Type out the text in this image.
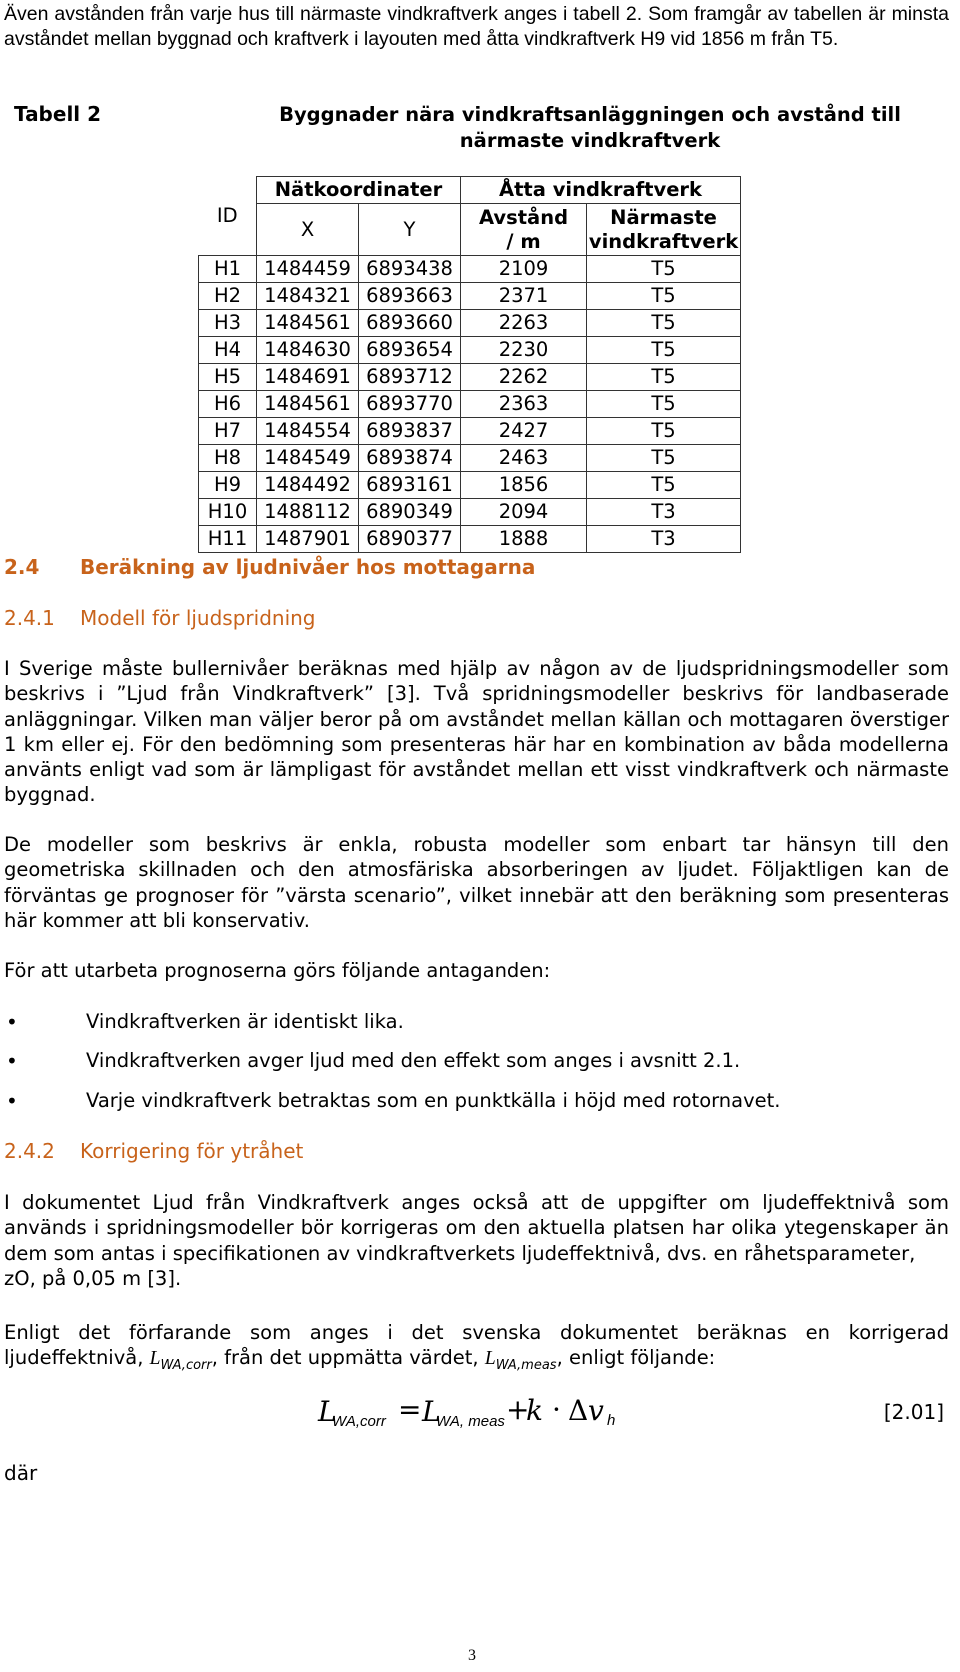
Även avstånden från varje hus till närmaste vindkraftverk anges i tabell 2. Som framgår av tabellen är minsta avståndet mellan byggnad och kraftverk i layouten med åtta vindkraftverk H9 vid 1856 m från T5.
Tabell 2	Byggnader nära vindkraftsanläggningen och avstånd till närmaste vindkraftverk
ID	Nätkoordinater		Åtta vindkraftverk	
	X	Y	Avstånd / m	Närmaste vindkraftverk
H1	1484459	6893438	2109	T5
H2	1484321	6893663	2371	T5
H3	1484561	6893660	2263	T5
H4	1484630	6893654	2230	T5
H5	1484691	6893712	2262	T5
H6	1484561	6893770	2363	T5
H7	1484554	6893837	2427	T5
H8	1484549	6893874	2463	T5
H9	1484492	6893161	1856	T5
H10	1488112	6890349	2094	T3
H11	1487901	6890377	1888	T3
2.4 Beräkning av ljudnivåer hos mottagarna
2.4.1 Modell för ljudspridning
I Sverige måste bullernivåer beräknas med hjälp av någon av de ljudspridningsmodeller som beskrivs i ”Ljud från Vindkraftverk” [3]. Två spridningsmodeller beskrivs för landbaserade anläggningar. Vilken man väljer beror på om avståndet mellan källan och mottagaren överstiger 1 km eller ej. För den bedömning som presenteras här har en kombination av båda modellerna använts enligt vad som är lämpligast för avståndet mellan ett visst vindkraftverk och närmaste byggnad.
De modeller som beskrivs är enkla, robusta modeller som enbart tar hänsyn till den geometriska skillnaden och den atmosfäriska absorberingen av ljudet. Följaktligen kan de förväntas ge prognoser för ”värsta scenario”, vilket innebär att den beräkning som presenteras här kommer att bli konservativ.
För att utarbeta prognoserna görs följande antaganden:
•	Vindkraftverken är identiskt lika.
•	Vindkraftverken avger ljud med den effekt som anges i avsnitt 2.1.
•	Varje vindkraftverk betraktas som en punktkälla i höjd med rotornavet.
2.4.2 Korrigering för ytråhet
I dokumentet Ljud från Vindkraftverk anges också att de uppgifter om ljudeffektnivå som används i spridningsmodeller bör korrigeras om den aktuella platsen har olika ytegenskaper än dem som antas i specifikationen av vindkraftverkets ljudeffektnivå, dvs. en råhetsparameter,
zO, på 0,05 m [3].
Enligt det förfarande som anges i det svenska dokumentet beräknas en korrigerad ljudeffektnivå, $L_{WA,corr}$, från det uppmätta värdet, $L_{WA,meas}$, enligt följande:
L
WA,corr = L
WA, meas +
k · Δ v h	[2.01]
där
3
